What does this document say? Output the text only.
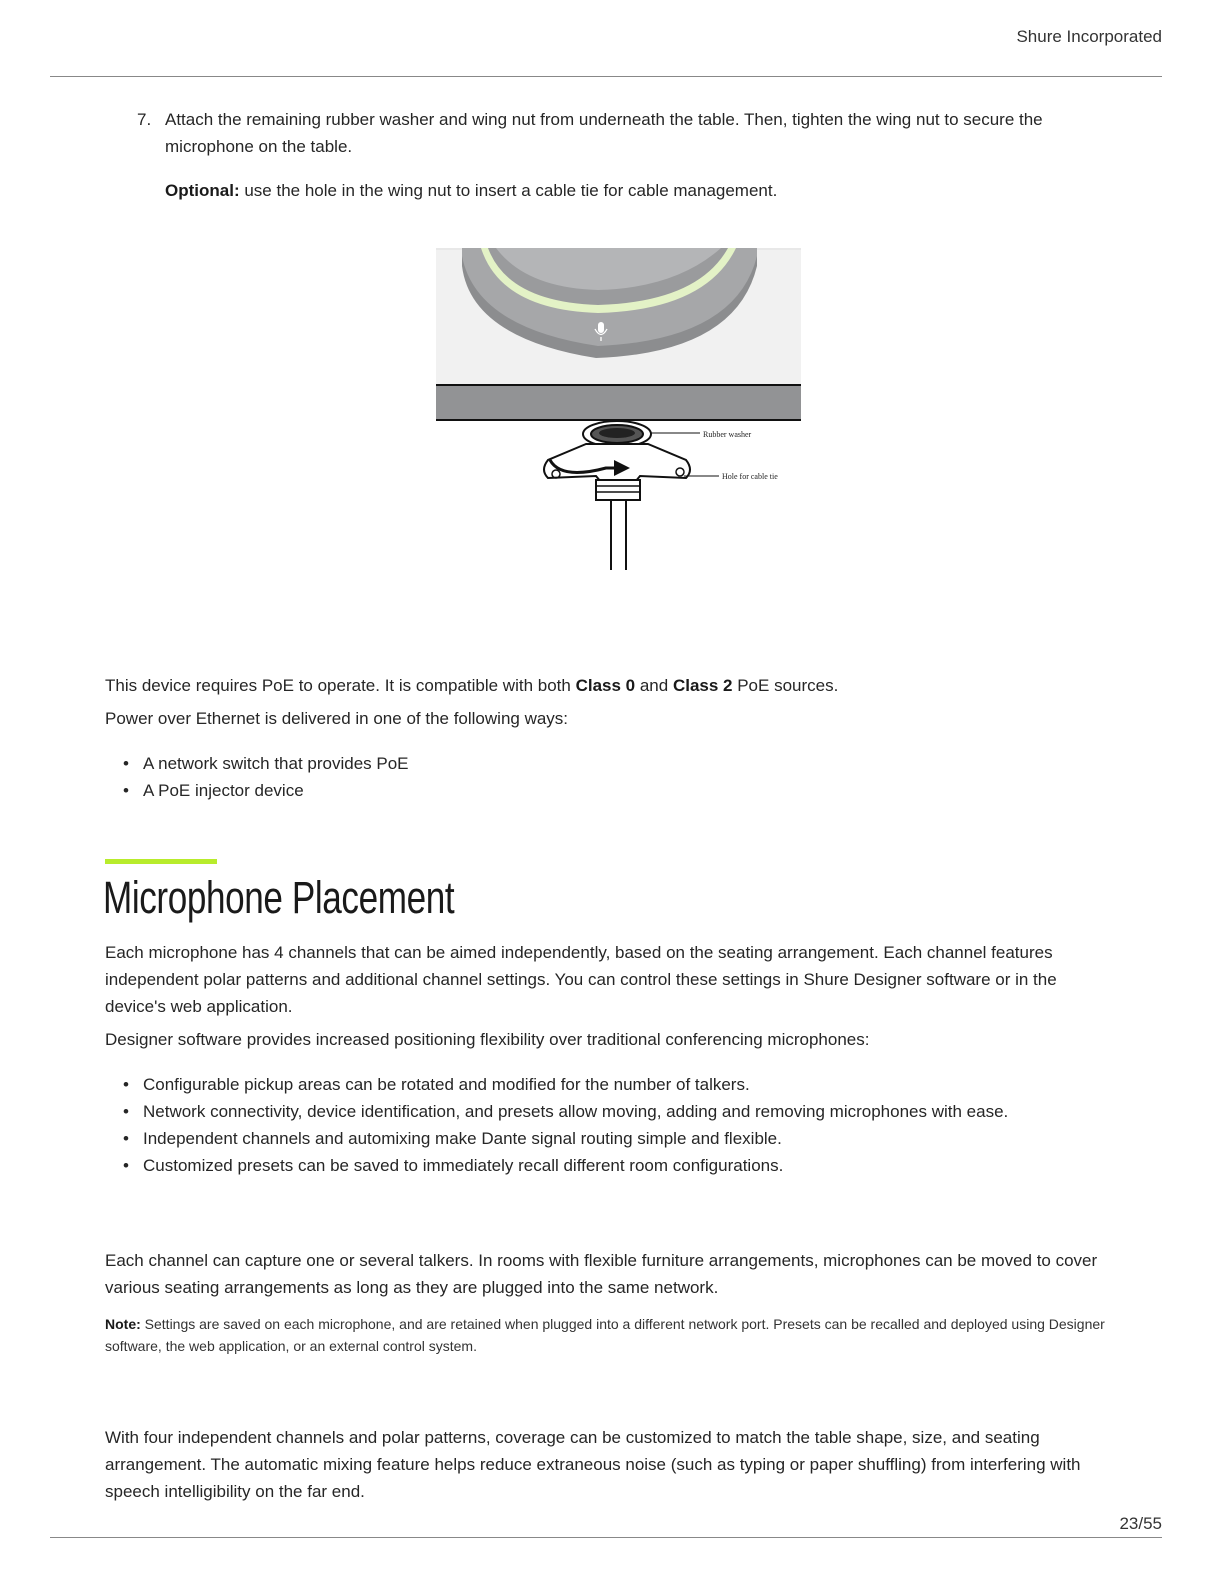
Shure Incorporated
7. Attach the remaining rubber washer and wing nut from underneath the table. Then, tighten the wing nut to secure the microphone on the table.
Optional: use the hole in the wing nut to insert a cable tie for cable management.
Rubber washer
Hole for cable tie
This device requires PoE to operate. It is compatible with both Class 0 and Class 2 PoE sources.
Power over Ethernet is delivered in one of the following ways:
• A network switch that provides PoE
• A PoE injector device
Microphone Placement
Each microphone has 4 channels that can be aimed independently, based on the seating arrangement. Each channel features independent polar patterns and additional channel settings. You can control these settings in Shure Designer software or in the device's web application.
Designer software provides increased positioning flexibility over traditional conferencing microphones:
• Configurable pickup areas can be rotated and modified for the number of talkers.
• Network connectivity, device identification, and presets allow moving, adding and removing microphones with ease.
• Independent channels and automixing make Dante signal routing simple and flexible.
• Customized presets can be saved to immediately recall different room configurations.
Each channel can capture one or several talkers. In rooms with flexible furniture arrangements, microphones can be moved to cover various seating arrangements as long as they are plugged into the same network.
Note: Settings are saved on each microphone, and are retained when plugged into a different network port. Presets can be recalled and deployed using Designer software, the web application, or an external control system.
With four independent channels and polar patterns, coverage can be customized to match the table shape, size, and seating arrangement. The automatic mixing feature helps reduce extraneous noise (such as typing or paper shuffling) from interfering with speech intelligibility on the far end.
23/55
